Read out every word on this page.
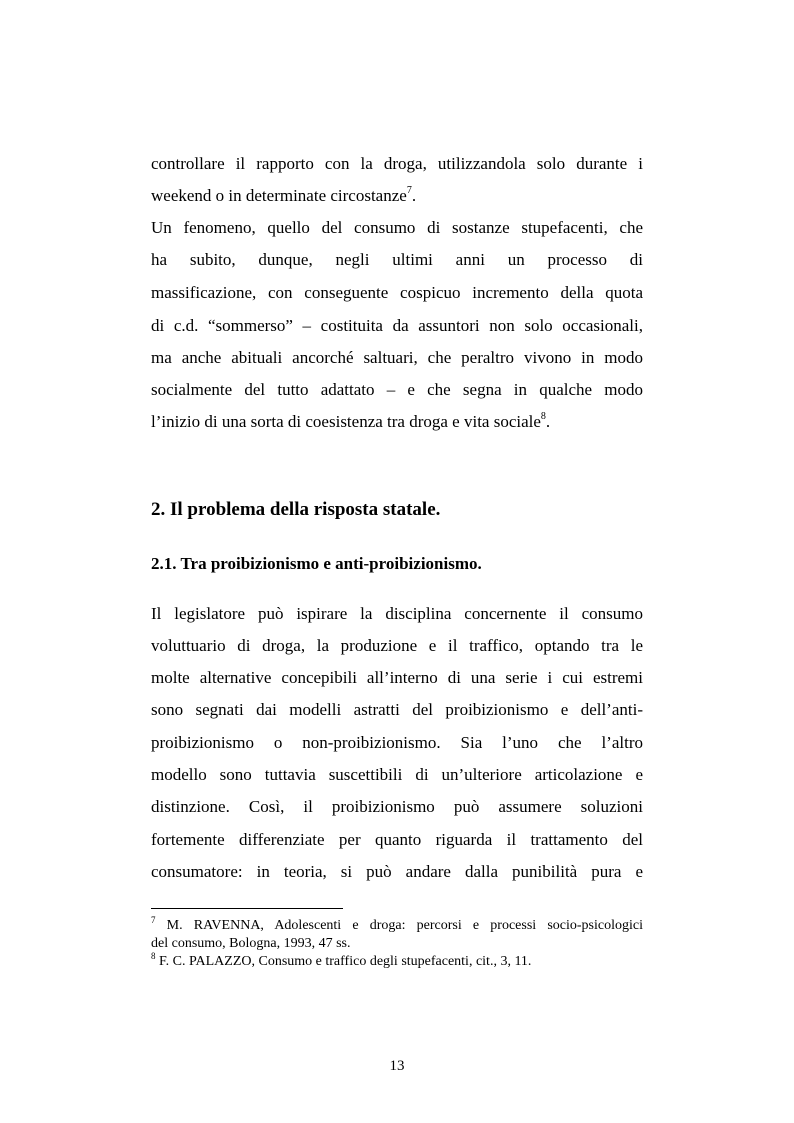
controllare il rapporto con la droga, utilizzandola solo durante i
weekend o in determinate circostanze$^7$.
Un fenomeno, quello del consumo di sostanze stupefacenti, che
ha subito, dunque, negli ultimi anni un processo di
massificazione, con conseguente cospicuo incremento della quota
di c.d. “sommerso” – costituita da assuntori non solo occasionali,
ma anche abituali ancorché saltuari, che peraltro vivono in modo
socialmente del tutto adattato – e che segna in qualche modo
l’inizio di una sorta di coesistenza tra droga e vita sociale$^8$.
2. Il problema della risposta statale.
2.1. Tra proibizionismo e anti-proibizionismo.
Il legislatore può ispirare la disciplina concernente il consumo
voluttuario di droga, la produzione e il traffico, optando tra le
molte alternative concepibili all’interno di una serie i cui estremi
sono segnati dai modelli astratti del proibizionismo e dell’anti-
proibizionismo o non-proibizionismo. Sia l’uno che l’altro
modello sono tuttavia suscettibili di un’ulteriore articolazione e
distinzione. Così, il proibizionismo può assumere soluzioni
fortemente differenziate per quanto riguarda il trattamento del
consumatore: in teoria, si può andare dalla punibilità pura e
$^7$ M. RAVENNA, Adolescenti e droga: percorsi e processi socio-psicologici
del consumo, Bologna, 1993, 47 ss.
$^8$ F. C. PALAZZO, Consumo e traffico degli stupefacenti, cit., 3, 11.
13
